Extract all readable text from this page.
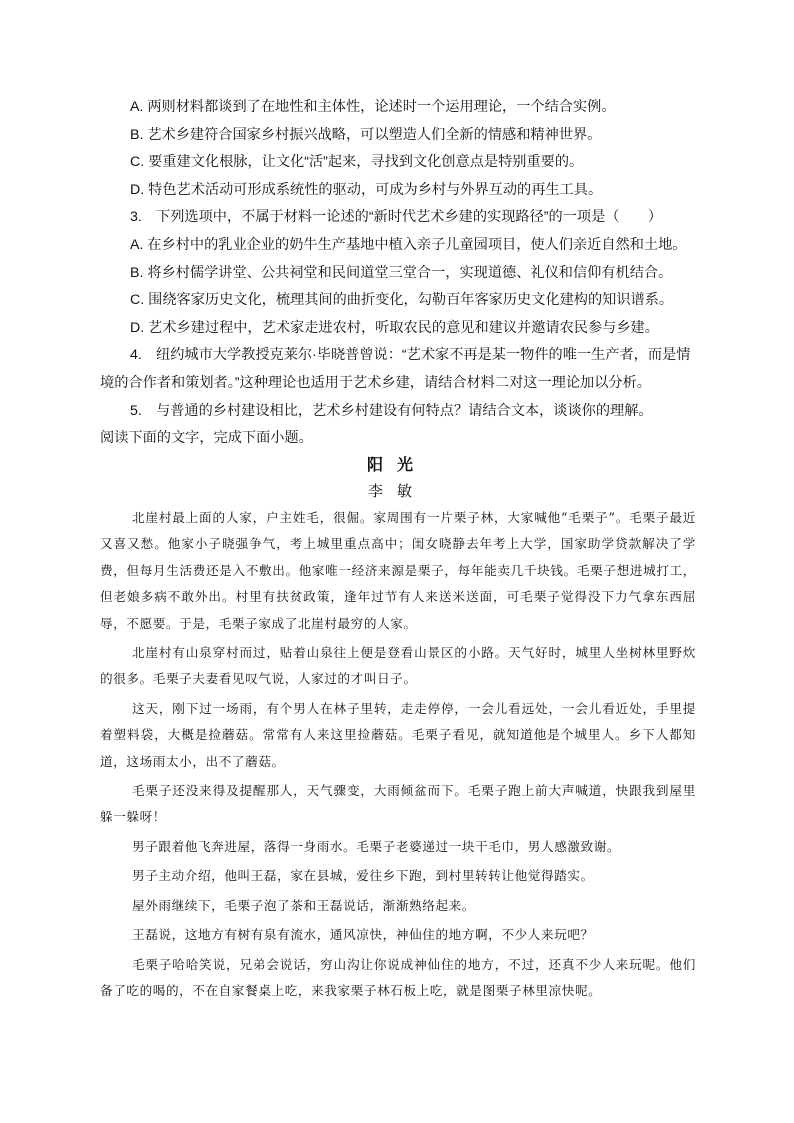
A. 两则材料都谈到了在地性和主体性，论述时一个运用理论，一个结合实例。
B. 艺术乡建符合国家乡村振兴战略，可以塑造人们全新的情感和精神世界。
C. 要重建文化根脉，让文化“活”起来，寻找到文化创意点是特别重要的。
D. 特色艺术活动可形成系统性的驱动，可成为乡村与外界互动的再生工具。
3.　下列选项中，不属于材料一论述的“新时代艺术乡建的实现路径”的一项是（　　）
A. 在乡村中的乳业企业的奶牛生产基地中植入亲子儿童园项目，使人们亲近自然和土地。
B. 将乡村儒学讲堂、公共祠堂和民间道堂三堂合一，实现道德、礼仪和信仰有机结合。
C. 围绕客家历史文化，梳理其间的曲折变化，勾勒百年客家历史文化建构的知识谱系。
D. 艺术乡建过程中，艺术家走进农村，听取农民的意见和建议并邀请农民参与乡建。
4.　纽约城市大学教授克莱尔·毕晓普曾说：“艺术家不再是某一物件的唯一生产者，而是情境的合作者和策划者。”这种理论也适用于艺术乡建，请结合材料二对这一理论加以分析。
5.　与普通的乡村建设相比，艺术乡村建设有何特点？请结合文本，谈谈你的理解。
阅读下面的文字，完成下面小题。
阳光
李敏

北崖村最上面的人家，户主姓毛，很倔。家周围有一片栗子林，大家喊他“毛栗子”。毛栗子最近又喜又愁。他家小子晓强争气，考上城里重点高中；闺女晓静去年考上大学，国家助学贷款解决了学费，但每月生活费还是入不敷出。他家唯一经济来源是栗子，每年能卖几千块钱。毛栗子想进城打工，但老娘多病不敢外出。村里有扶贫政策，逢年过节有人来送米送面，可毛栗子觉得没下力气拿东西屈辱，不愿要。于是，毛栗子家成了北崖村最穷的人家。

北崖村有山泉穿村而过，贴着山泉往上便是登看山景区的小路。天气好时，城里人坐树林里野炊的很多。毛栗子夫妻看见叹气说，人家过的才叫日子。

这天，刚下过一场雨，有个男人在林子里转，走走停停，一会儿看远处，一会儿看近处，手里提着塑料袋，大概是捡蘑菇。常常有人来这里捡蘑菇。毛栗子看见，就知道他是个城里人。乡下人都知道，这场雨太小，出不了蘑菇。

毛栗子还没来得及提醒那人，天气骤变，大雨倾盆而下。毛栗子跑上前大声喊道，快跟我到屋里躲一躲呀！

男子跟着他飞奔进屋，落得一身雨水。毛栗子老婆递过一块干毛巾，男人感激致谢。

男子主动介绍，他叫王磊，家在县城，爱往乡下跑，到村里转转让他觉得踏实。

屋外雨继续下，毛栗子泡了茶和王磊说话，渐渐熟络起来。

王磊说，这地方有树有泉有流水，通风凉快，神仙住的地方啊，不少人来玩吧？

毛栗子哈哈笑说，兄弟会说话，穷山沟让你说成神仙住的地方，不过，还真不少人来玩呢。他们备了吃的喝的，不在自家餐桌上吃，来我家栗子林石板上吃，就是图栗子林里凉快呢。
